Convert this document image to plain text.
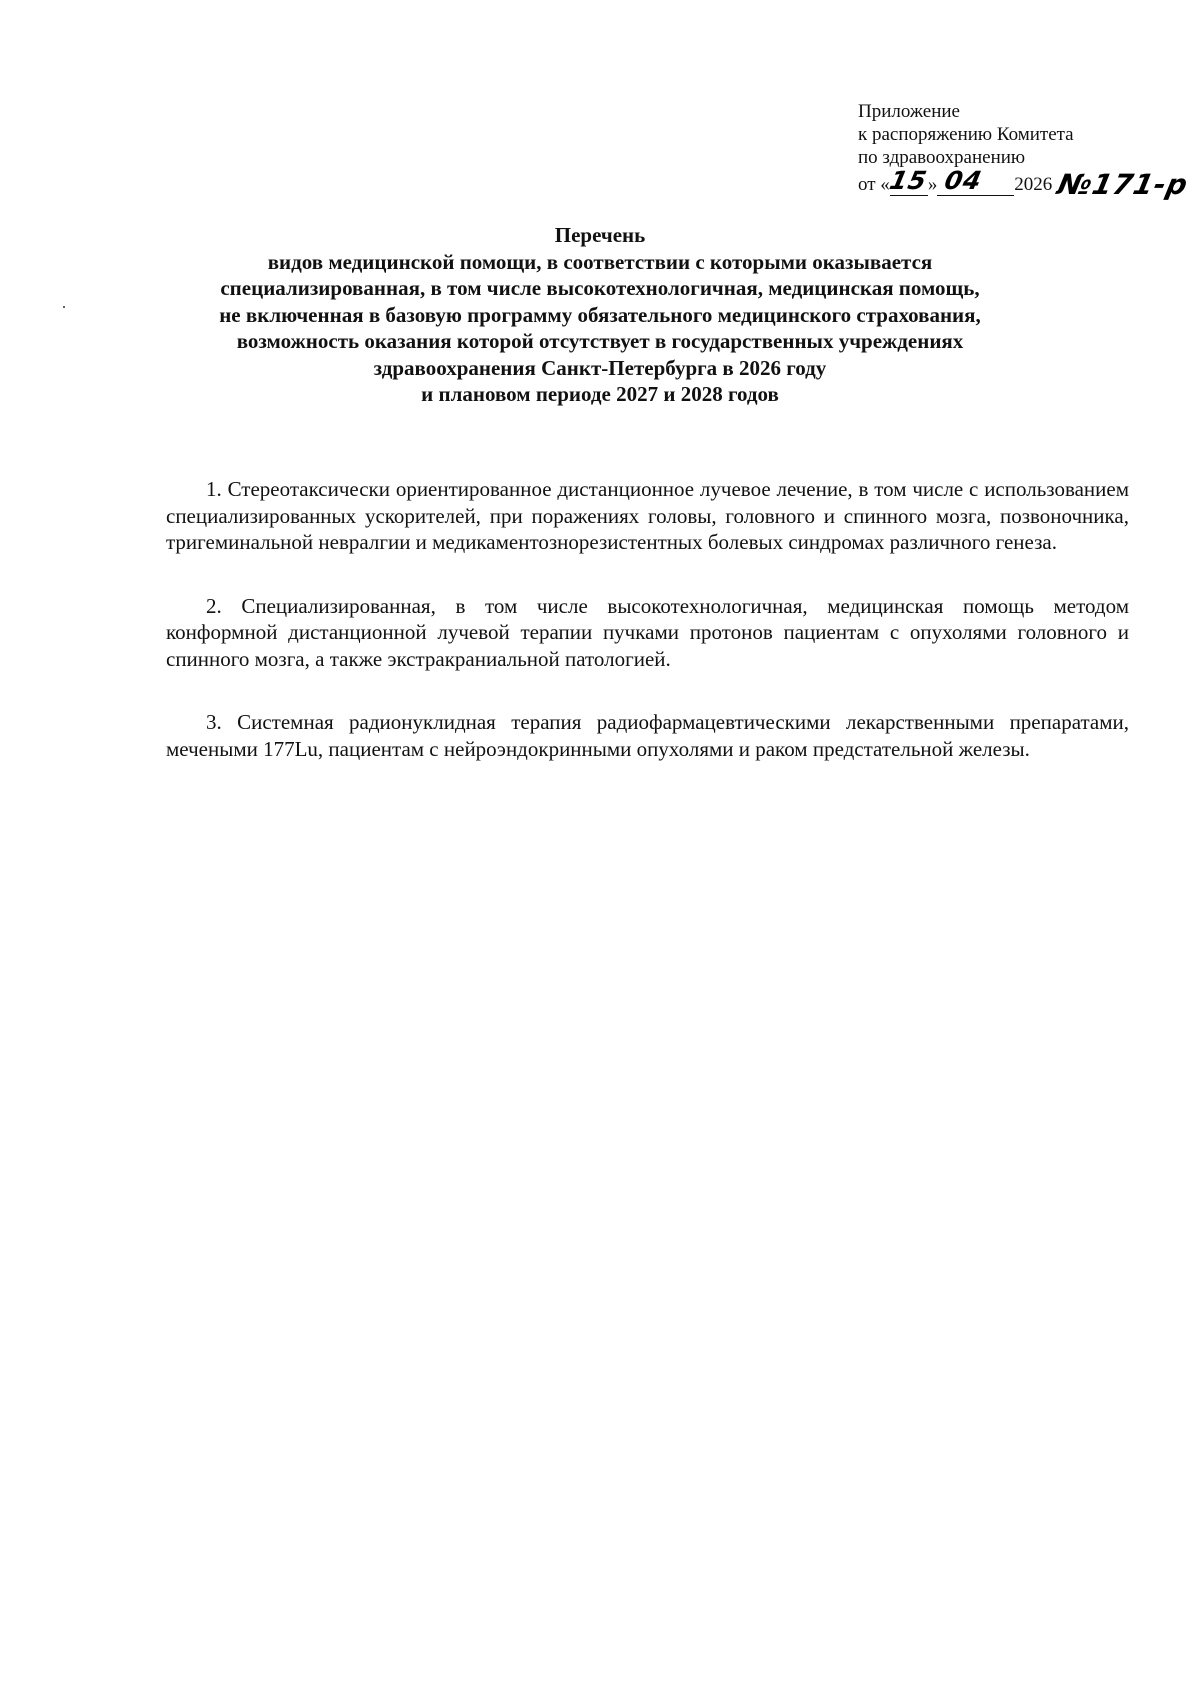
Приложение
к распоряжению Комитета
по здравоохранению
от «
15
» 04	2026 №171-р
Перечень
видов медицинской помощи, в соответствии с которыми оказывается
специализированная, в том числе высокотехнологичная, медицинская помощь,
не включенная в базовую программу обязательного медицинского страхования,
возможность оказания которой отсутствует в государственных учреждениях
здравоохранения Санкт-Петербурга в 2026 году
и плановом периоде 2027 и 2028 годов

1. Стереотаксически ориентированное дистанционное лучевое лечение, в том числе с использованием специализированных ускорителей, при поражениях головы, головного и спинного мозга, позвоночника, тригеминальной невралгии и медикаментознорезистентных болевых синдромах различного генеза.

2. Специализированная, в том числе высокотехнологичная, медицинская помощь методом конформной дистанционной лучевой терапии пучками протонов пациентам с опухолями головного и спинного мозга, а также экстракраниальной патологией.

3. Системная радионуклидная терапия радиофармацевтическими лекарственными препаратами, мечеными 177Lu, пациентам с нейроэндокринными опухолями и раком предстательной железы.
